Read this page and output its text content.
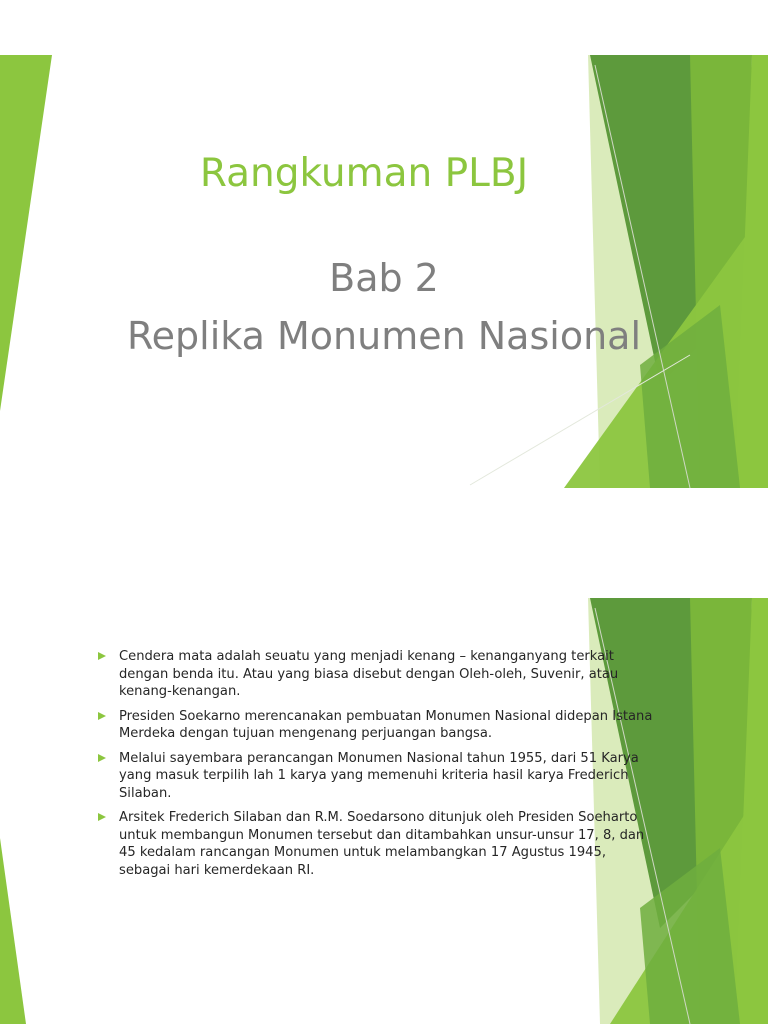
Rangkuman PLBJ
Bab 2
Replika Monumen Nasional
Cendera mata adalah seuatu yang menjadi kenang – kenanganyang terkait dengan benda itu. Atau yang biasa disebut dengan Oleh-oleh, Suvenir, atau kenang-kenangan.
Presiden Soekarno merencanakan pembuatan Monumen Nasional didepan Istana Merdeka dengan tujuan mengenang perjuangan bangsa.
Melalui sayembara perancangan Monumen Nasional tahun 1955, dari 51 Karya yang masuk terpilih lah 1 karya yang memenuhi kriteria hasil karya Frederich Silaban.
Arsitek Frederich Silaban dan R.M. Soedarsono ditunjuk oleh Presiden Soeharto untuk membangun Monumen tersebut dan ditambahkan unsur-unsur 17, 8, dan 45 kedalam rancangan Monumen untuk melambangkan 17 Agustus 1945, sebagai hari kemerdekaan RI.
